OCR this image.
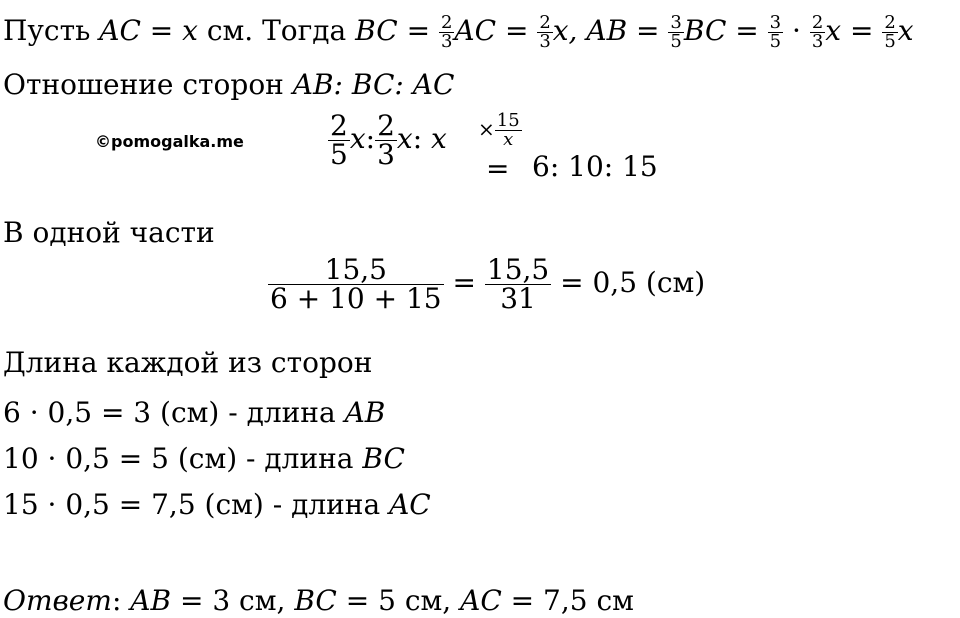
Пусть AC = x см. Тогда BC = $\frac{2}{3}$ AC = $\frac{2}{3} x$, AB = $\frac{3}{5}$ BC = $\frac{3}{5} \cdot \frac{2}{3}$ $x = \frac{2}{5}$ x
Отношение сторон AB: BC: AC
©pomogalka.me	$\frac{2}{5} x$: $\frac{2}{3} x$: $x \times \frac{15}{x}$
= 6: 10: 15
В одной части
$\frac{15,5}{6 + 10 + 15} = \frac{15,5}{31} = 0,5$ (см)
Длина каждой из сторон
6 · 0,5 = 3 (см) - длина AB
10 · 0,5 = 5 (см) - длина BC
15 · 0,5 = 7,5 (см) - длина AC
Ответ: AB = 3 см, BC = 5 см, AC = 7,5 см
